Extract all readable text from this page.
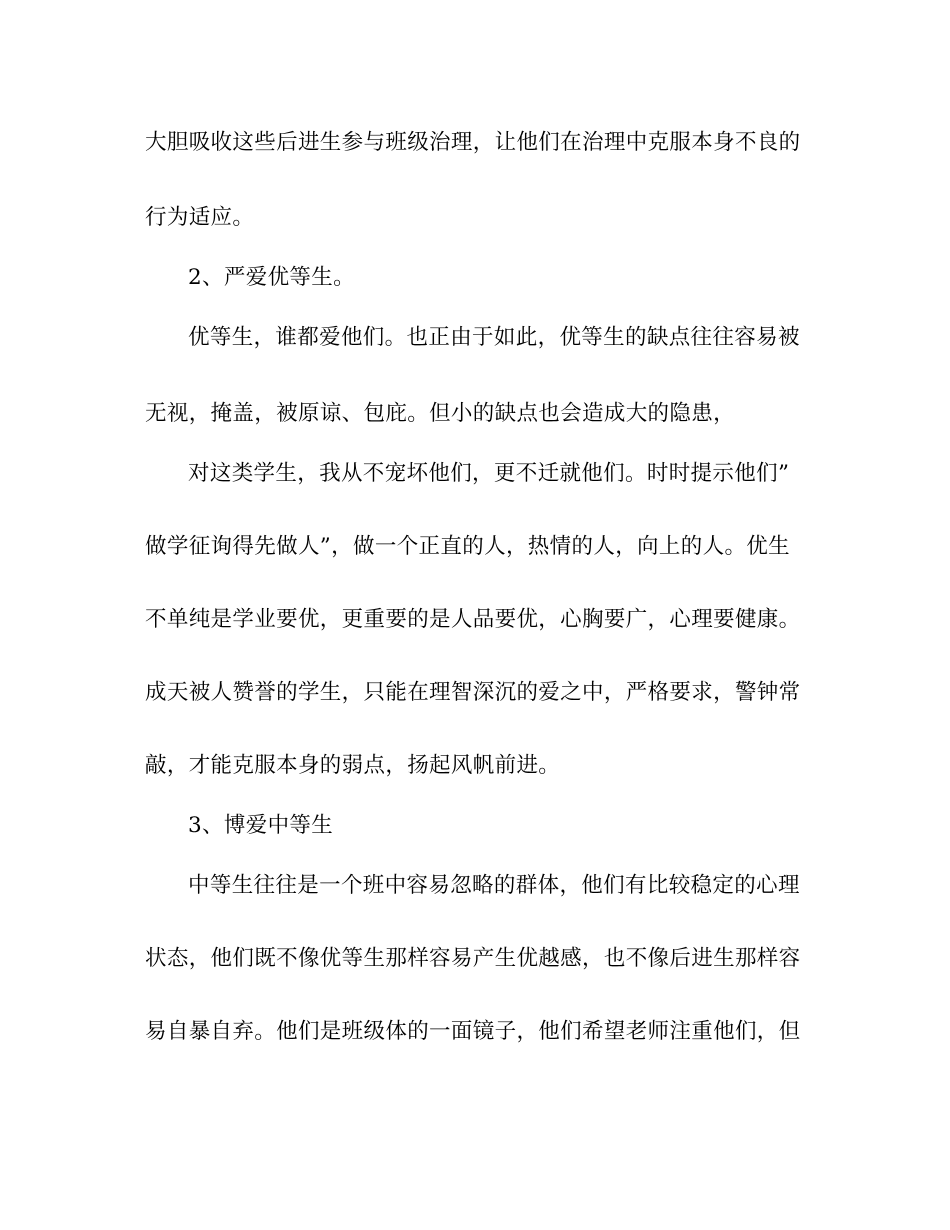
大胆吸收这些后进生参与班级治理，让他们在治理中克服本身不良的
行为适应。
2、严爱优等生。
优等生，谁都爱他们。也正由于如此，优等生的缺点往往容易被
无视，掩盖，被原谅、包庇。但小的缺点也会造成大的隐患，
对这类学生，我从不宠坏他们，更不迁就他们。时时提示他们”
做学征询得先做人”，做一个正直的人，热情的人，向上的人。优生
不单纯是学业要优，更重要的是人品要优，心胸要广，心理要健康。
成天被人赞誉的学生，只能在理智深沉的爱之中，严格要求，警钟常
敲，才能克服本身的弱点，扬起风帆前进。
3、博爱中等生
中等生往往是一个班中容易忽略的群体，他们有比较稳定的心理
状态，他们既不像优等生那样容易产生优越感，也不像后进生那样容
易自暴自弃。他们是班级体的一面镜子，他们希望老师注重他们，但
